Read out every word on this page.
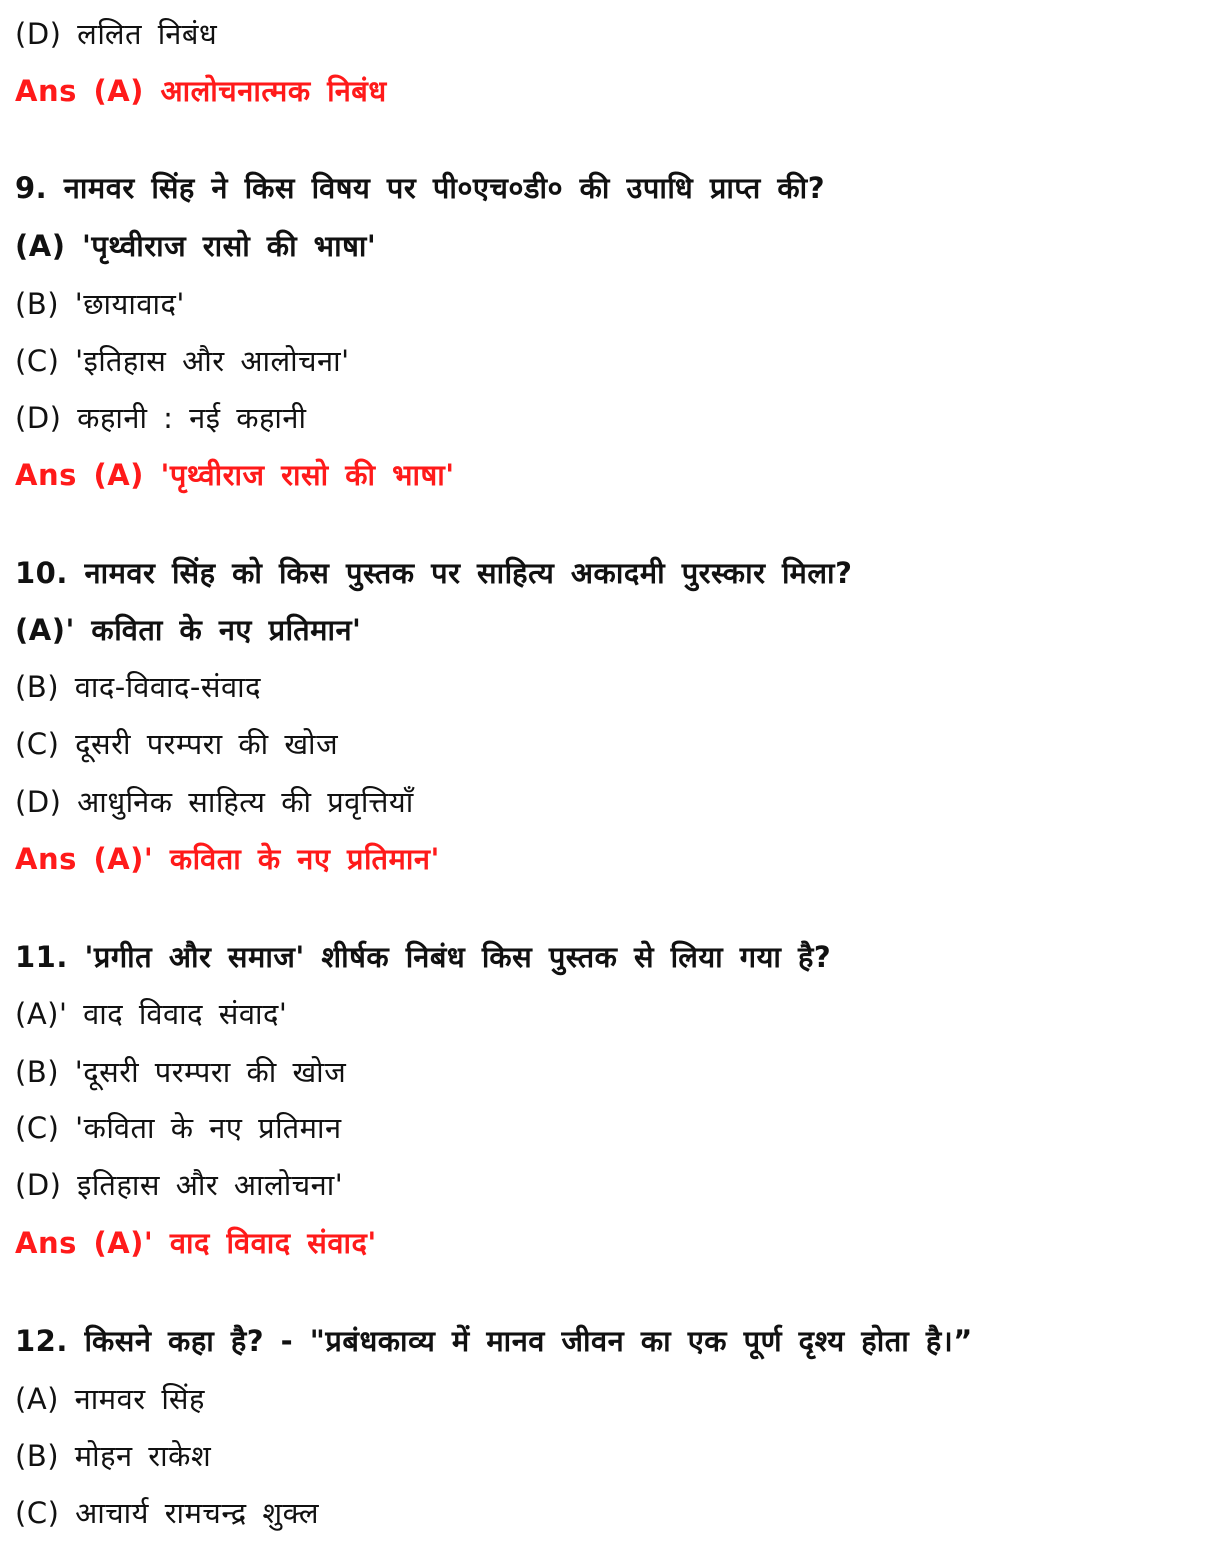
(D) ललित निबंध
Ans (A) आलोचनात्मक निबंध
9. नामवर सिंह ने किस विषय पर पी०एच०डी० की उपाधि प्राप्त की?
(A) 'पृथ्वीराज रासो की भाषा'
(B) 'छायावाद'
(C) 'इतिहास और आलोचना'
(D) कहानी : नई कहानी
Ans (A) 'पृथ्वीराज रासो की भाषा'
10. नामवर सिंह को किस पुस्तक पर साहित्य अकादमी पुरस्कार मिला?
(A)' कविता के नए प्रतिमान'
(B) वाद-विवाद-संवाद
(C) दूसरी परम्परा की खोज
(D) आधुनिक साहित्य की प्रवृत्तियाँ
Ans (A)' कविता के नए प्रतिमान'
11. 'प्रगीत और समाज' शीर्षक निबंध किस पुस्तक से लिया गया है?
(A)' वाद विवाद संवाद'
(B) 'दूसरी परम्परा की खोज
(C) 'कविता के नए प्रतिमान
(D) इतिहास और आलोचना'
Ans (A)' वाद विवाद संवाद'
12. किसने कहा है? - "प्रबंधकाव्य में मानव जीवन का एक पूर्ण दृश्य होता है।”
(A) नामवर सिंह
(B) मोहन राकेश
(C) आचार्य रामचन्द्र शुक्ल
